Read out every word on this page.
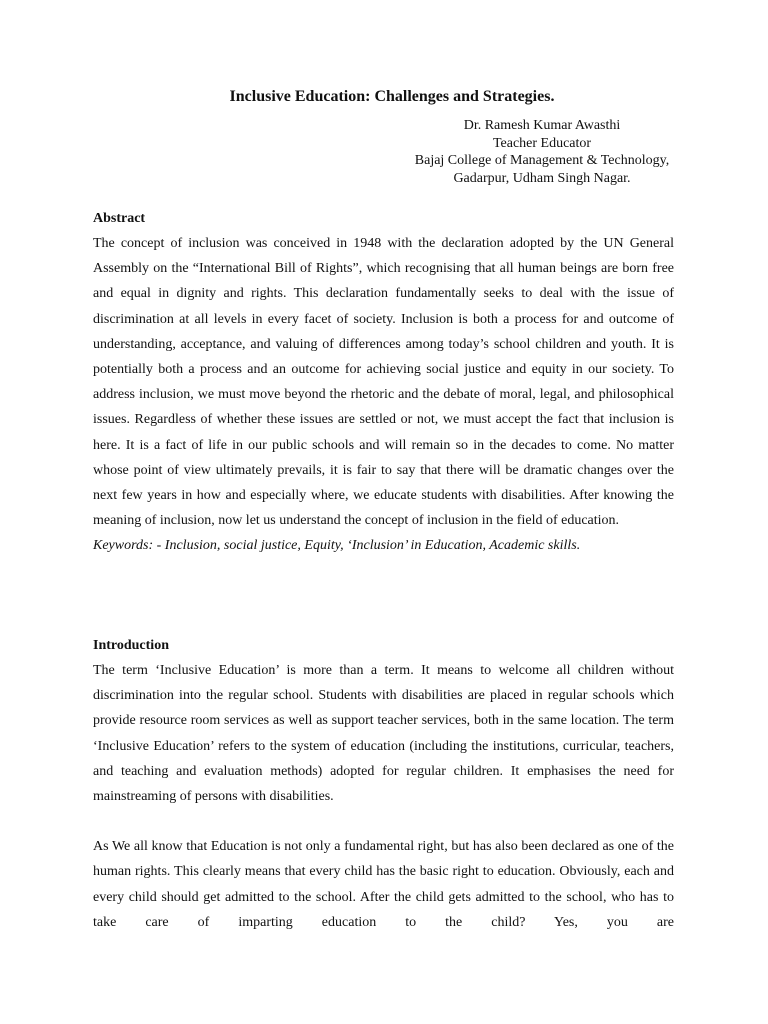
Inclusive Education: Challenges and Strategies.
Dr. Ramesh Kumar Awasthi
Teacher Educator
Bajaj College of Management & Technology,
Gadarpur, Udham Singh Nagar.

Abstract

The concept of inclusion was conceived in 1948 with the declaration adopted by the UN General Assembly on the “International Bill of Rights”, which recognising that all human beings are born free and equal in dignity and rights. This declaration fundamentally seeks to deal with the issue of discrimination at all levels in every facet of society. Inclusion is both a process for and outcome of understanding, acceptance, and valuing of differences among today’s school children and youth. It is potentially both a process and an outcome for achieving social justice and equity in our society. To address inclusion, we must move beyond the rhetoric and the debate of moral, legal, and philosophical issues. Regardless of whether these issues are settled or not, we must accept the fact that inclusion is here. It is a fact of life in our public schools and will remain so in the decades to come. No matter whose point of view ultimately prevails, it is fair to say that there will be dramatic changes over the next few years in how and especially where, we educate students with disabilities. After knowing the meaning of inclusion, now let us understand the concept of inclusion in the field of education.

Keywords: - Inclusion, social justice, Equity, ‘Inclusion’ in Education, Academic skills.

Introduction

The term ‘Inclusive Education’ is more than a term. It means to welcome all children without discrimination into the regular school. Students with disabilities are placed in regular schools which provide resource room services as well as support teacher services, both in the same location. The term ‘Inclusive Education’ refers to the system of education (including the institutions, curricular, teachers, and teaching and evaluation methods) adopted for regular children. It emphasises the need for mainstreaming of persons with disabilities.

As We all know that Education is not only a fundamental right, but has also been declared as one of the human rights. This clearly means that every child has the basic right to education. Obviously, each and every child should get admitted to the school. After the child gets admitted to the school, who has to take care of imparting education to the child? Yes, you are
